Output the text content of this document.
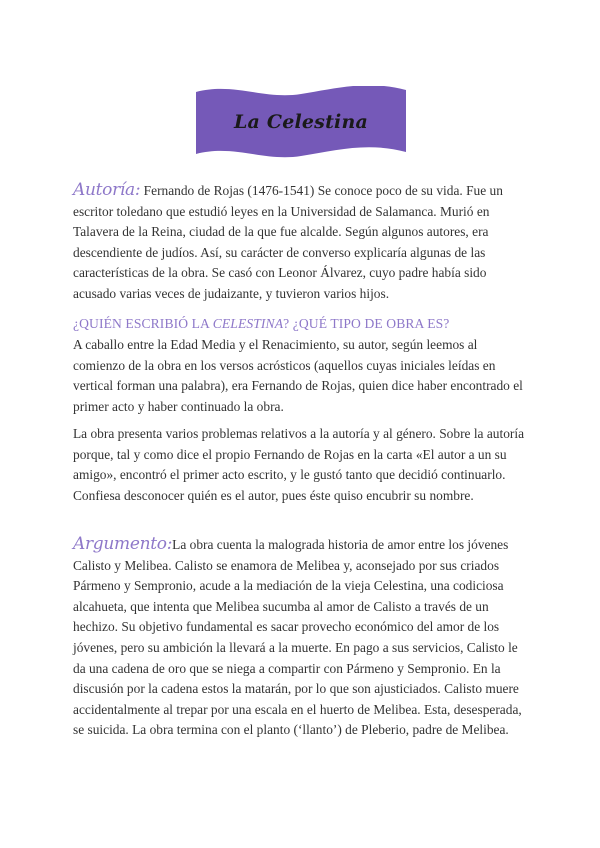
La Celestina

Autoría: Fernando de Rojas (1476-1541) Se conoce poco de su vida. Fue un escritor toledano que estudió leyes en la Universidad de Salamanca. Murió en Talavera de la Reina, ciudad de la que fue alcalde. Según algunos autores, era descendiente de judíos. Así, su carácter de converso explicaría algunas de las características de la obra. Se casó con Leonor Álvarez, cuyo padre había sido acusado varias veces de judaizante, y tuvieron varios hijos.

¿QUIÉN ESCRIBIÓ LA CELESTINA? ¿QUÉ TIPO DE OBRA ES?

A caballo entre la Edad Media y el Renacimiento, su autor, según leemos al comienzo de la obra en los versos acrósticos (aquellos cuyas iniciales leídas en vertical forman una palabra), era Fernando de Rojas, quien dice haber encontrado el primer acto y haber continuado la obra.

La obra presenta varios problemas relativos a la autoría y al género. Sobre la autoría porque, tal y como dice el propio Fernando de Rojas en la carta «El autor a un su amigo», encontró el primer acto escrito, y le gustó tanto que decidió continuarlo. Confiesa desconocer quién es el autor, pues éste quiso encubrir su nombre.

Argumento:La obra cuenta la malograda historia de amor entre los jóvenes Calisto y Melibea. Calisto se enamora de Melibea y, aconsejado por sus criados Pármeno y Sempronio, acude a la mediación de la vieja Celestina, una codiciosa alcahueta, que intenta que Melibea sucumba al amor de Calisto a través de un hechizo. Su objetivo fundamental es sacar provecho económico del amor de los jóvenes, pero su ambición la llevará a la muerte. En pago a sus servicios, Calisto le da una cadena de oro que se niega a compartir con Pármeno y Sempronio. En la discusión por la cadena estos la matarán, por lo que son ajusticiados. Calisto muere accidentalmente al trepar por una escala en el huerto de Melibea. Esta, desesperada, se suicida. La obra termina con el planto (‘llanto’) de Pleberio, padre de Melibea.
